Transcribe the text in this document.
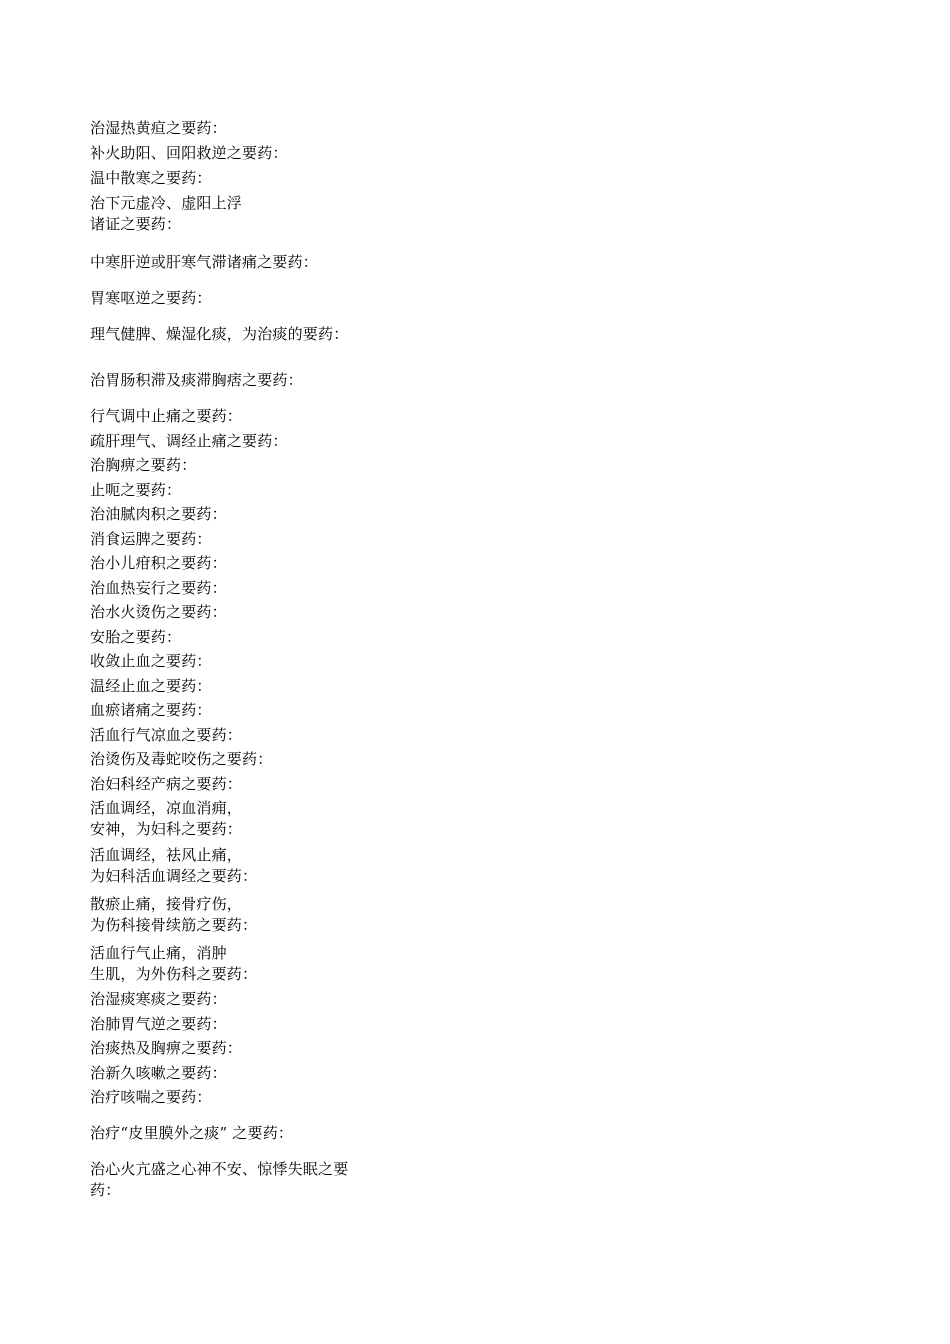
治湿热黄疸之要药：
补火助阳、回阳救逆之要药：
温中散寒之要药：
治下元虚冷、虚阳上浮
诸证之要药：
中寒肝逆或肝寒气滞诸痛之要药：
胃寒呕逆之要药：
理气健脾、燥湿化痰，为治痰的要药：
治胃肠积滞及痰滞胸痞之要药：
行气调中止痛之要药：
疏肝理气、调经止痛之要药：
治胸痹之要药：
止呃之要药：
治油腻肉积之要药：
消食运脾之要药：
治小儿疳积之要药：
治血热妄行之要药：
治水火烫伤之要药：
安胎之要药：
收敛止血之要药：
温经止血之要药：
血瘀诸痛之要药：
活血行气凉血之要药：
治烫伤及毒蛇咬伤之要药：
治妇科经产病之要药：
活血调经，凉血消痈，
安神，为妇科之要药：
活血调经，祛风止痛，
为妇科活血调经之要药：
散瘀止痛，接骨疗伤，
为伤科接骨续筋之要药：
活血行气止痛，消肿
生肌，为外伤科之要药：
治湿痰寒痰之要药：
治肺胃气逆之要药：
治痰热及胸痹之要药：
治新久咳嗽之要药：
治疗咳喘之要药：
治疗“皮里膜外之痰” 之要药：
治心火亢盛之心神不安、惊悸失眠之要
药：
